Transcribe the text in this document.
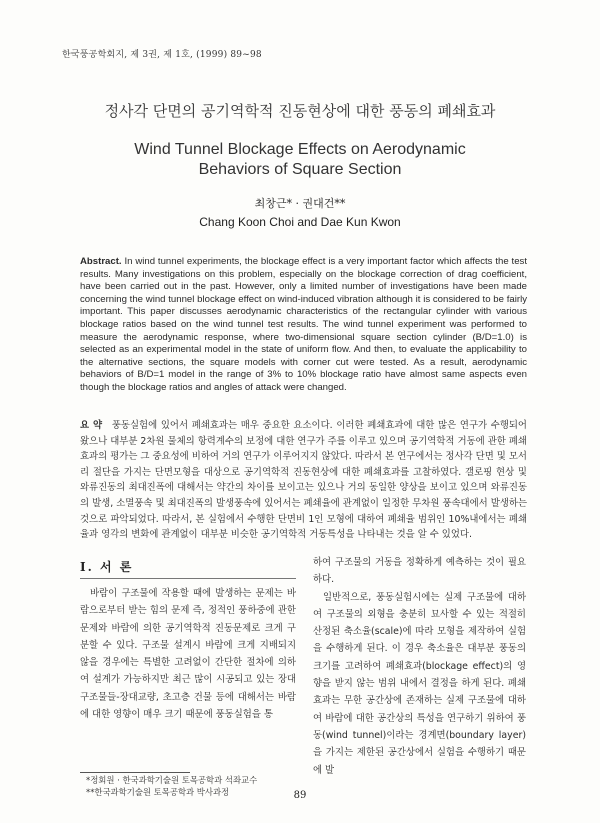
한국풍공학회지, 제 3권, 제 1호, (1999) 89~98
정사각 단면의 공기역학적 진동현상에 대한 풍동의 폐쇄효과
Wind Tunnel Blockage Effects on Aerodynamic
Behaviors of Square Section
최창근* · 권대건**
Chang Koon Choi and Dae Kun Kwon
Abstract. In wind tunnel experiments, the blockage effect is a very important factor which affects the test results. Many investigations on this problem, especially on the blockage correction of drag coefficient, have been carried out in the past. However, only a limited number of investigations have been made concerning the wind tunnel blockage effect on wind-induced vibration although it is considered to be fairly important. This paper discusses aerodynamic characteristics of the rectangular cylinder with various blockage ratios based on the wind tunnel test results. The wind tunnel experiment was performed to measure the aerodynamic response, where two-dimensional square section cylinder (B/D=1.0) is selected as an experimental model in the state of uniform flow. And then, to evaluate the applicability to the alternative sections, the square models with corner cut were tested. As a result, aerodynamic behaviors of B/D=1 model in the range of 3% to 10% blockage ratio have almost same aspects even though the blockage ratios and angles of attack were changed.
요 약 풍동실험에 있어서 폐쇄효과는 매우 중요한 요소이다. 이러한 폐쇄효과에 대한 많은 연구가 수행되어 왔으나 대부분 2차원 물체의 항력계수의 보정에 대한 연구가 주를 이루고 있으며 공기역학적 거동에 관한 폐쇄효과의 평가는 그 중요성에 비하여 거의 연구가 이루어지지 않았다. 따라서 본 연구에서는 정사각 단면 및 모서리 절단을 가지는 단면모형을 대상으로 공기역학적 진동현상에 대한 폐쇄효과를 고찰하였다. 갤로핑 현상 및 와류진동의 최대진폭에 대해서는 약간의 차이를 보이고는 있으나 거의 동일한 양상을 보이고 있으며 와류진동의 발생, 소멸풍속 및 최대진폭의 발생풍속에 있어서는 폐쇄율에 관계없이 일정한 무차원 풍속대에서 발생하는 것으로 파악되었다. 따라서, 본 실험에서 수행한 단면비 1인 모형에 대하여 폐쇄율 범위인 10%내에서는 폐쇄율과 영각의 변화에 관계없이 대부분 비슷한 공기역학적 거동특성을 나타내는 것을 알 수 있었다.
I. 서 론
바람이 구조물에 작용할 때에 발생하는 문제는 바람으로부터 받는 힘의 문제 즉, 정적인 풍하중에 관한 문제와 바람에 의한 공기역학적 진동문제로 크게 구분할 수 있다. 구조물 설계시 바람에 크게 지배되지 않을 경우에는 특별한 고려없이 간단한 절차에 의하여 설계가 가능하지만 최근 많이 시공되고 있는 장대 구조물들-장대교량, 초고층 건물 등에 대해서는 바람에 대한 영향이 매우 크기 때문에 풍동실험을 통
하여 구조물의 거동을 정확하게 예측하는 것이 필요하다.
일반적으로, 풍동실험시에는 실제 구조물에 대하여 구조물의 외형을 충분히 묘사할 수 있는 적절히 산정된 축소율(scale)에 따라 모형을 제작하여 실험을 수행하게 된다. 이 경우 축소율은 대부분 풍동의 크기를 고려하여 폐쇄효과(blockage effect)의 영향을 받지 않는 범위 내에서 결정을 하게 된다. 폐쇄효과는 무한 공간상에 존재하는 실제 구조물에 대하여 바람에 대한 공간상의 특성을 연구하기 위하여 풍동(wind tunnel)이라는 경계면(boundary layer)을 가지는 제한된 공간상에서 실험을 수행하기 때문에 발
*정회원 · 한국과학기술원 토목공학과 석좌교수
**한국과학기술원 토목공학과 박사과정	89
